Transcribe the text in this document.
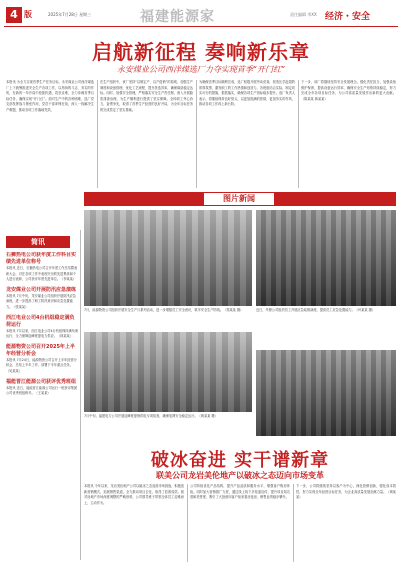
4 版	2025年7月28日 星期三	福建能源家	责任编辑 李XX 经济・安全
启航新征程 奏响新乐章
永安煤业公司西洋煤选厂力夺实现首季“开门红”
本报讯 为全力实现首季生产任务目标，永安煤业公司西洋煤选厂上下统筹推进安全生产各项工作，以昂扬的斗志、务实的作风，在新的一年开局中抢抓机遇，攻坚克难，全力冲刺首季目标任务，确保实现“开门红”。面对生产中的各种困难，选厂党支部发挥战斗堡垒作用，党员干部冲锋在前，深入一线解决生产难题，推动各项工作落地见效。
在生产组织中，该厂坚持“以销定产、以产促销”的原则，加强生产调度和设备管理，优化工艺流程，提升洗选效率，确保煤质稳定达标。同时，加强安全管理，严格落实安全生产责任制，深入开展隐患排查治理，为生产顺利进行提供了坚实保障。全体职工齐心协力，奋勇争先，取得了首季生产经营的良好开局，为全年目标任务的完成奠定了坚实基础。
为确保首季目标顺利完成，选厂积极开展劳动竞赛，营造比学赶超的浓厚氛围，激发职工的工作热情和创造力。各班组结合实际，制定切实可行的措施，狠抓落实，确保各项生产指标稳步提升。选厂负责人表示，将继续保持良好势头，以更加饱满的热情，更加务实的作风，推动各项工作再上新台阶。
下一步，该厂将继续坚持安全发展理念，强化责任担当，加强设备维护保养，提高设备运行效率，确保安全生产形势持续稳定，努力完成全年各项目标任务，为公司高质量发展作出新的更大贡献。（陈某某 林某某）
简讯
石狮热电公司获年度工作科目实绩先进单位称号
本报讯 近日，石狮热电公司召开年度工作总结暨表彰大会，对在各项工作中表现突出的先进集体和个人进行表彰，公司获评年度先进单位。（李某某）
龙安煤业公司开展防汛应急演练
本报讯 7月中旬，龙安煤业公司组织开展防汛应急演练，进一步提高了职工防汛意识和应急处置能力。（张某某）
西江电业公司4台机组稳定满负荷运行
本报讯 7月以来，西江电业公司4台机组保持满负荷运行，全力保障迎峰度夏电力供应。（林某某）
能源物资公司召开2025年上半年经营分析会
本报讯 7月24日，能源物资公司召开上半年经营分析会，总结上半年工作，部署下半年重点任务。（吴某某）
福能晋江能源公司获评优秀班组
本报讯 近日，福能晋江能源公司运行一班获评集团公司优秀班组称号。（王某某）
图片新闻
7月，能源物资公司组织开展安全生产月系列活动，进一步增强员工安全意识，筑牢安全生产防线。（郑某某 摄）	近日，华厦公司组织员工开展应急疏散演练，提高员工应急处置能力。（叶某某 摄）
7月中旬，福建电力公司开展迎峰度夏保供电专项检查，确保电网安全稳定运行。（黄某某 摄）
破冰奋进 实干谱新章
联美公司龙岩美伦地产以破冰之态迈向市场变革
本报讯 今年以来，龙岩美伦地产公司以破冰之态直面市场挑战，积极创新营销模式，拓展销售渠道，全力推动项目去化，取得了显著成效。面对房地产市场深度调整的严峻形势，公司领导班子带领全体员工迎难而上，主动作为。
公司持续优化产品结构，提升产品品质和服务水平，增强客户购房体验。同时加大营销推广力度，通过线上线下多渠道宣传，提升项目知名度和美誉度，吸引了大批意向客户前来看房选房，销售业绩稳步攀升。
下一步，公司将继续坚持以客户为中心，深化营销创新，强化成本管控，努力实现全年经营目标任务，为企业高质量发展贡献力量。（黄某某）
